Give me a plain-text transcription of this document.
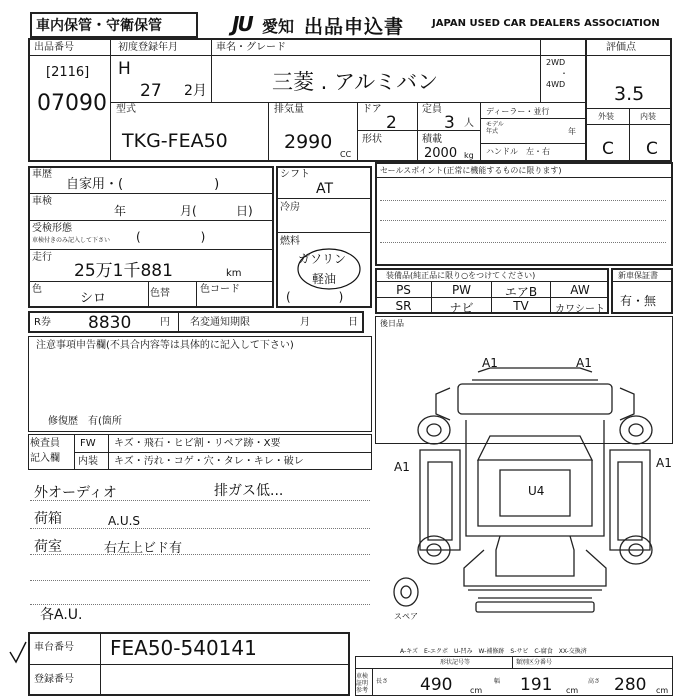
車内保管・守衛保管	JU 愛知 出品申込書	JAPAN USED CAR DEALERS ASSOCIATION
出品番号
[2116]
07090
初度登録年月
H
27 2月
車名・グレード
三菱 . アルミバン
2WD
・
4WD
評価点
3.5
外装	内装
C C
型式
TKG-FEA50
排気量
2990
CC
ドア
2
形状
定員
3 人
積載
2000 kg
ディーラー・並行
モデル
年式	年
ハンドル　左・右
車歴
自家用・(　　　　　　　)
車検
年	月(	日)
受検形態
車検付きのみ記入して下さい (　　　　　)
走行
25万1千881	km
色
シロ	色替	色コード
シフト
AT
冷房
燃料
ガソリン
軽油
(　　　　)
セールスポイント(正常に機能するものに限ります)
装備品(純正品に限り○をつけてください)
PS	PW	エアB	AW
SR	ナビ	TV	カワシート
新車保証書
有・無
R券 8830	円 名変通知期限	月	日	後日品
注意事項申告欄(不具合内容等は具体的に記入して下さい)
修復歴　有(箇所
検査員
記入欄
FW キズ・飛石・ヒビ割・リペア跡・X要
内装 キズ・汚れ・コゲ・穴・タレ・キレ・破レ
外オーディオ	排ガス低...
荷箱	A.U.S
荷室	右左上ビド有
各A.U.
A1	A1
A1	A1
U4
スペア
A-キズ　E-エクボ　U-凹み　W-補修跡　S-サビ　C-腐食　XX-交換済
車台番号 FEA50-540141
登録番号
形状記号等	類別区分番号
車検証明
参考
長さ 490 cm
幅 191 cm
高さ 280 cm
